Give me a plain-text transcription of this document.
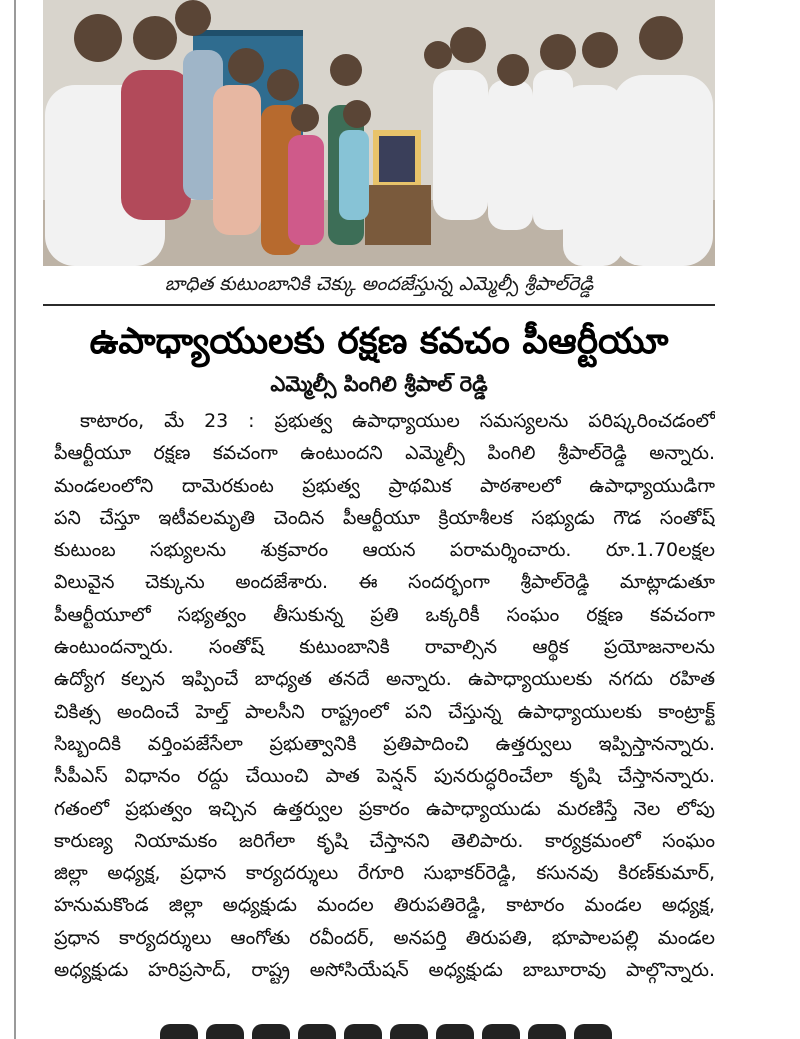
బాధిత కుటుంబానికి చెక్కు అందజేస్తున్న ఎమ్మెల్సీ శ్రీపాల్‌రెడ్డి
ఉపాధ్యాయులకు రక్షణ కవచం పీఆర్టీయూ
ఎమ్మెల్సీ పింగిలి శ్రీపాల్ రెడ్డి
కాటారం, మే 23 : ప్రభుత్వ ఉపాధ్యాయుల సమస్యలను పరిష్కరించడంలో
పీఆర్టీయూ రక్షణ కవచంగా ఉంటుందని ఎమ్మెల్సీ పింగిలి శ్రీపాల్‌రెడ్డి అన్నారు.
మండలంలోని దామెరకుంట ప్రభుత్వ ప్రాథమిక పాఠశాలలో ఉపాధ్యాయుడిగా
పని చేస్తూ ఇటీవలమృతి చెందిన పీఆర్టీయూ క్రియాశీలక సభ్యుడు గౌడ సంతోష్
కుటుంబ సభ్యులను శుక్రవారం ఆయన పరామర్శించారు. రూ.1.70లక్షల
విలువైన చెక్కును అందజేశారు. ఈ సందర్భంగా శ్రీపాల్‌రెడ్డి మాట్లాడుతూ
పీఆర్టీయూలో సభ్యత్వం తీసుకున్న ప్రతి ఒక్కరికీ సంఘం రక్షణ కవచంగా
ఉంటుందన్నారు. సంతోష్ కుటుంబానికి రావాల్సిన ఆర్థిక ప్రయోజనాలను
ఉద్యోగ కల్పన ఇప్పించే బాధ్యత తనదే అన్నారు. ఉపాధ్యాయులకు నగదు రహిత
చికిత్స అందించే హెల్త్ పాలసీని రాష్ట్రంలో పని చేస్తున్న ఉపాధ్యాయులకు కాంట్రాక్ట్
సిబ్బందికి వర్తింపజేసేలా ప్రభుత్వానికి ప్రతిపాదించి ఉత్తర్వులు ఇప్పిస్తానన్నారు.
సీపీఎస్ విధానం రద్దు చేయించి పాత పెన్షన్ పునరుద్ధరించేలా కృషి చేస్తానన్నారు.
గతంలో ప్రభుత్వం ఇచ్చిన ఉత్తర్వుల ప్రకారం ఉపాధ్యాయుడు మరణిస్తే నెల లోపు
కారుణ్య నియామకం జరిగేలా కృషి చేస్తానని తెలిపారు. కార్యక్రమంలో సంఘం
జిల్లా అధ్యక్ష, ప్రధాన కార్యదర్శులు రేగూరి సుభాకర్‌రెడ్డి, కసునవు కిరణ్‌కుమార్,
హనుమకొండ జిల్లా అధ్యక్షుడు మందల తిరుపతిరెడ్డి, కాటారం మండల అధ్యక్ష,
ప్రధాన కార్యదర్శులు ఆంగోతు రవీందర్, అనపర్తి తిరుపతి, భూపాలపల్లి మండల
అధ్యక్షుడు హరిప్రసాద్, రాష్ట్ర అసోసియేషన్ అధ్యక్షుడు బాబూరావు పాల్గొన్నారు.
